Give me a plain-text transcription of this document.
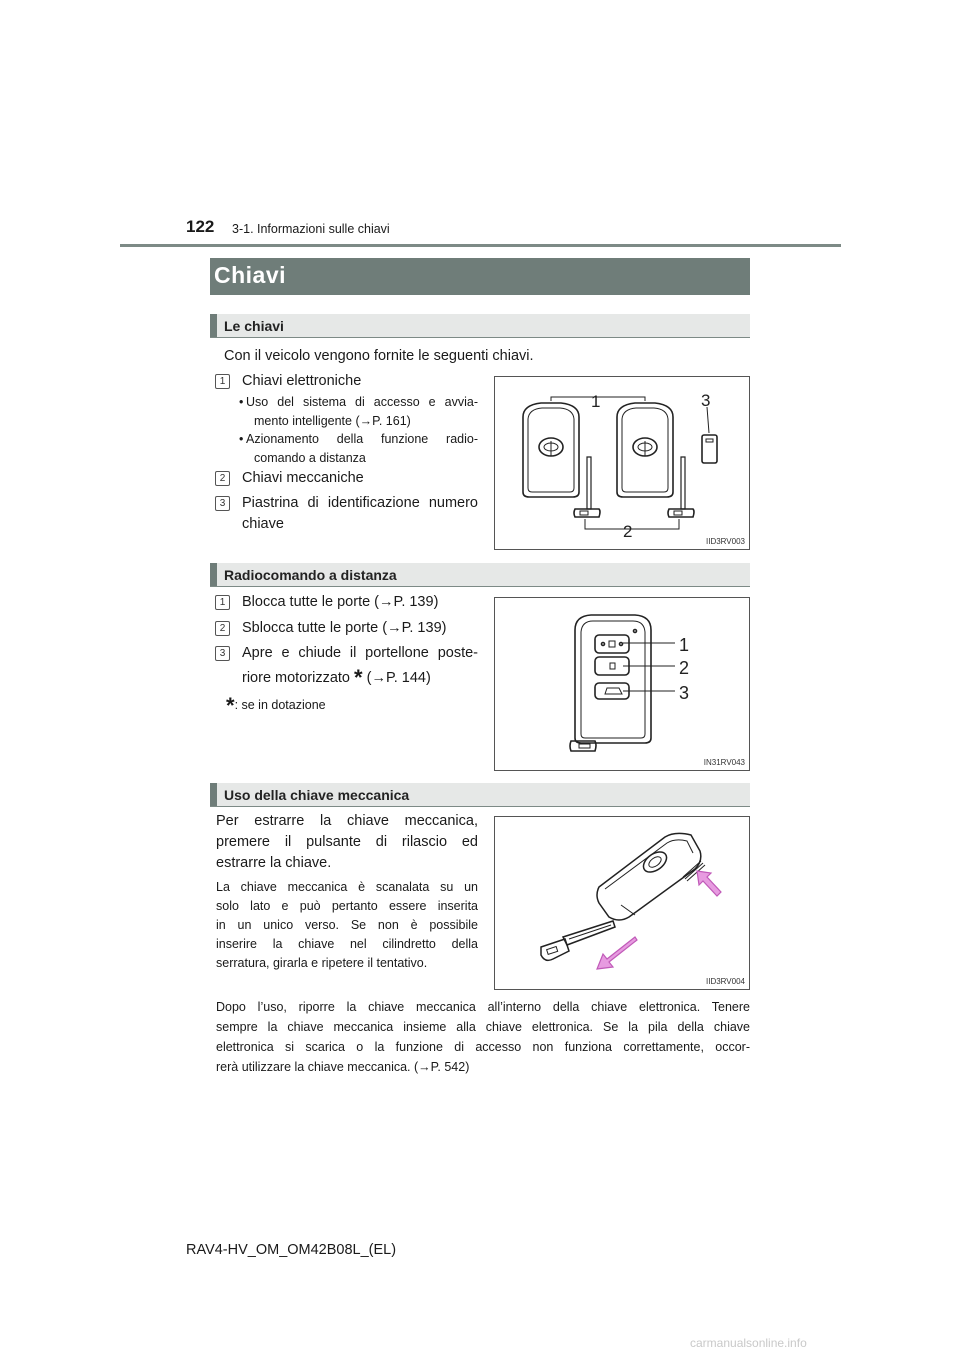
122 3-1. Informazioni sulle chiavi
Chiavi
Le chiavi
Con il veicolo vengono fornite le seguenti chiavi.
1	Chiavi elettroniche
• Uso del sistema di accesso e avvia-
mento intelligente (→P. 161)
• Azionamento della funzione radio-
comando a distanza
2	Chiavi meccaniche
3	Piastrina di identificazione numero
chiave
1	3
2
IID3RV003
Radiocomando a distanza
1	Blocca tutte le porte (→P. 139)
2	Sblocca tutte le porte (→P. 139)
3	Apre e chiude il portellone poste-
riore motorizzato * (→P. 144)
*: se in dotazione
1
2
3
IN31RV043
Uso della chiave meccanica
Per estrarre la chiave meccanica,
premere il pulsante di rilascio ed
estrarre la chiave.
La chiave meccanica è scanalata su un
solo lato e può pertanto essere inserita
in un unico verso. Se non è possibile
inserire la chiave nel cilindretto della
serratura, girarla e ripetere il tentativo.
IID3RV004
Dopo l’uso, riporre la chiave meccanica all’interno della chiave elettronica. Tenere
sempre la chiave meccanica insieme alla chiave elettronica. Se la pila della chiave
elettronica si scarica o la funzione di accesso non funziona correttamente, occor-
rerà utilizzare la chiave meccanica. (→P. 542)
RAV4-HV_OM_OM42B08L_(EL)
carmanualsonline.info
